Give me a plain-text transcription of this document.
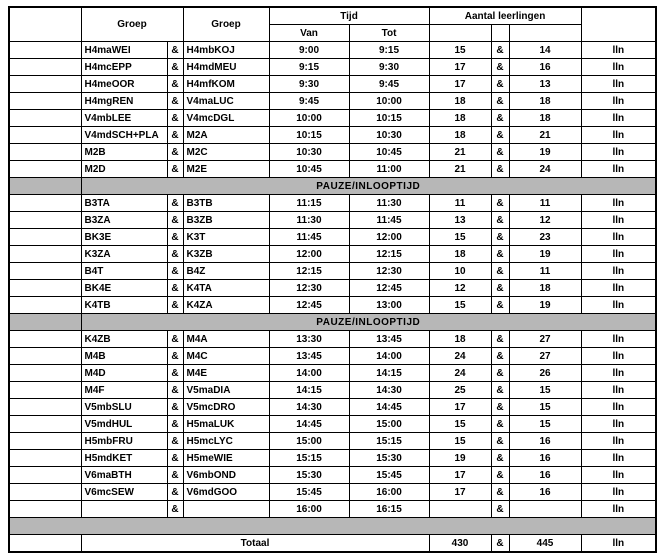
	Groep		Groep	Tijd		Aantal leerlingen			
				Van	Tot				
	H4maWEI	&	H4mbKOJ	9:00	9:15	15	&	14	lln
	H4mcEPP	&	H4mdMEU	9:15	9:30	17	&	16	lln
	H4meOOR	&	H4mfKOM	9:30	9:45	17	&	13	lln
	H4mgREN	&	V4maLUC	9:45	10:00	18	&	18	lln
	V4mbLEE	&	V4mcDGL	10:00	10:15	18	&	18	lln
	V4mdSCH+PLA	&	M2A	10:15	10:30	18	&	21	lln
	M2B	&	M2C	10:30	10:45	21	&	19	lln
	M2D	&	M2E	10:45	11:00	21	&	24	lln
	PAUZE/INLOOPTIJD								
	B3TA	&	B3TB	11:15	11:30	11	&	11	lln
	B3ZA	&	B3ZB	11:30	11:45	13	&	12	lln
	BK3E	&	K3T	11:45	12:00	15	&	23	lln
	K3ZA	&	K3ZB	12:00	12:15	18	&	19	lln
	B4T	&	B4Z	12:15	12:30	10	&	11	lln
	BK4E	&	K4TA	12:30	12:45	12	&	18	lln
	K4TB	&	K4ZA	12:45	13:00	15	&	19	lln
	PAUZE/INLOOPTIJD								
	K4ZB	&	M4A	13:30	13:45	18	&	27	lln
	M4B	&	M4C	13:45	14:00	24	&	27	lln
	M4D	&	M4E	14:00	14:15	24	&	26	lln
	M4F	&	V5maDIA	14:15	14:30	25	&	15	lln
	V5mbSLU	&	V5mcDRO	14:30	14:45	17	&	15	lln
	V5mdHUL	&	H5maLUK	14:45	15:00	15	&	15	lln
	H5mbFRU	&	H5mcLYC	15:00	15:15	15	&	16	lln
	H5mdKET	&	H5meWIE	15:15	15:30	19	&	16	lln
	V6maBTH	&	V6mbOND	15:30	15:45	17	&	16	lln
	V6mcSEW	&	V6mdGOO	15:45	16:00	17	&	16	lln
		&		16:00	16:15		&		lln

	Totaal					430	&	445	lln
